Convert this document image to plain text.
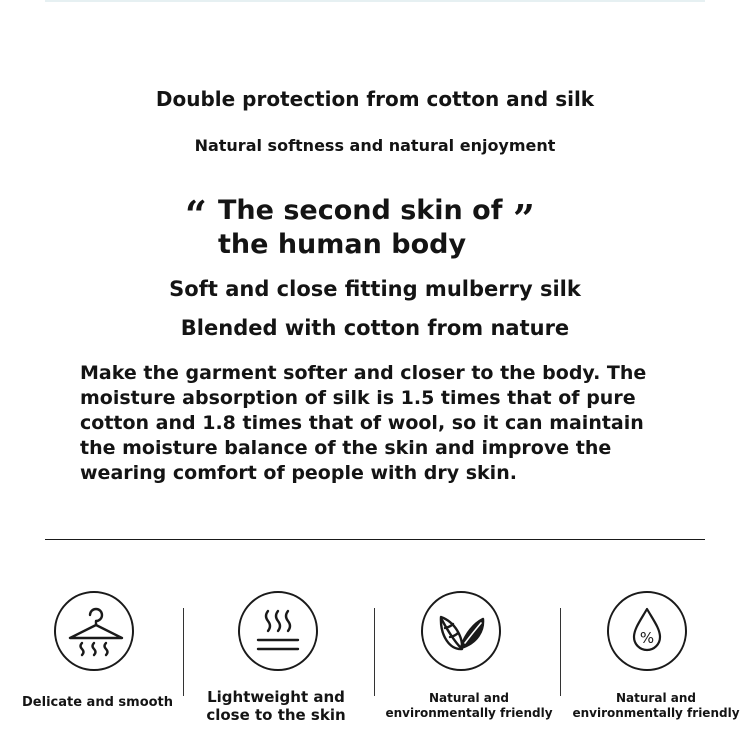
Double protection from cotton and silk
Natural softness and natural enjoyment
“ The second skin of
the human body
”
Soft and close fitting mulberry silk
Blended with cotton from nature
Make the garment softer and closer to the body. The
moisture absorption of silk is 1.5 times that of pure
cotton and 1.8 times that of wool, so it can maintain
the moisture balance of the skin and improve the
wearing comfort of people with dry skin.
Delicate and smooth	Lightweight and
close to the skin
Natural and
environmentally friendly
%
Natural and
environmentally friendly
